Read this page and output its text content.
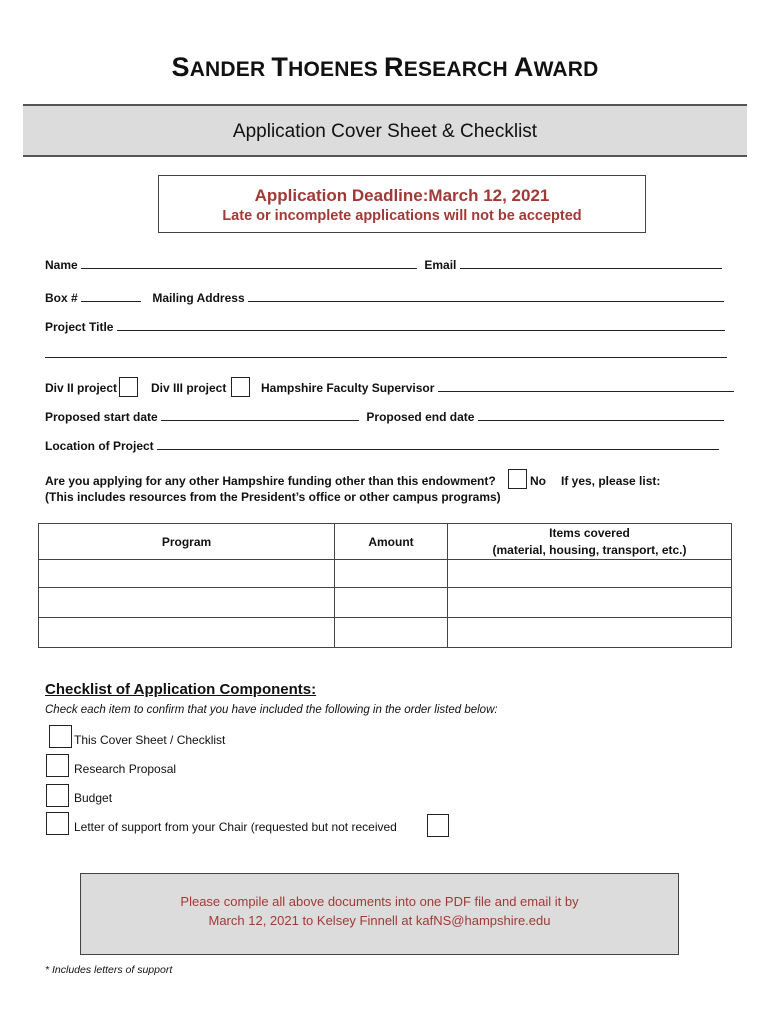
SANDER THOENES RESEARCH AWARD
Application Cover Sheet & Checklist
Application Deadline:March 12, 2021
Late or incomplete applications will not be accepted
Name	Email
Box #	Mailing Address
Project Title
Div II project	Div III project	Hampshire Faculty Supervisor
Proposed start date	Proposed end date
Location of Project
Are you applying for any other Hampshire funding other than this endowment?	No If yes, please list:
(This includes resources from the President’s office or other campus programs)
Program	Amount	Items covered
(material, housing, transport, etc.)

Checklist of Application Components:
Check each item to confirm that you have included the following in the order listed below:
This Cover Sheet / Checklist
Research Proposal
Budget
Letter of support from your Chair (requested but not received
Please compile all above documents into one PDF file and email it by
March 12, 2021 to Kelsey Finnell at kafNS@hampshire.edu
* Includes letters of support
